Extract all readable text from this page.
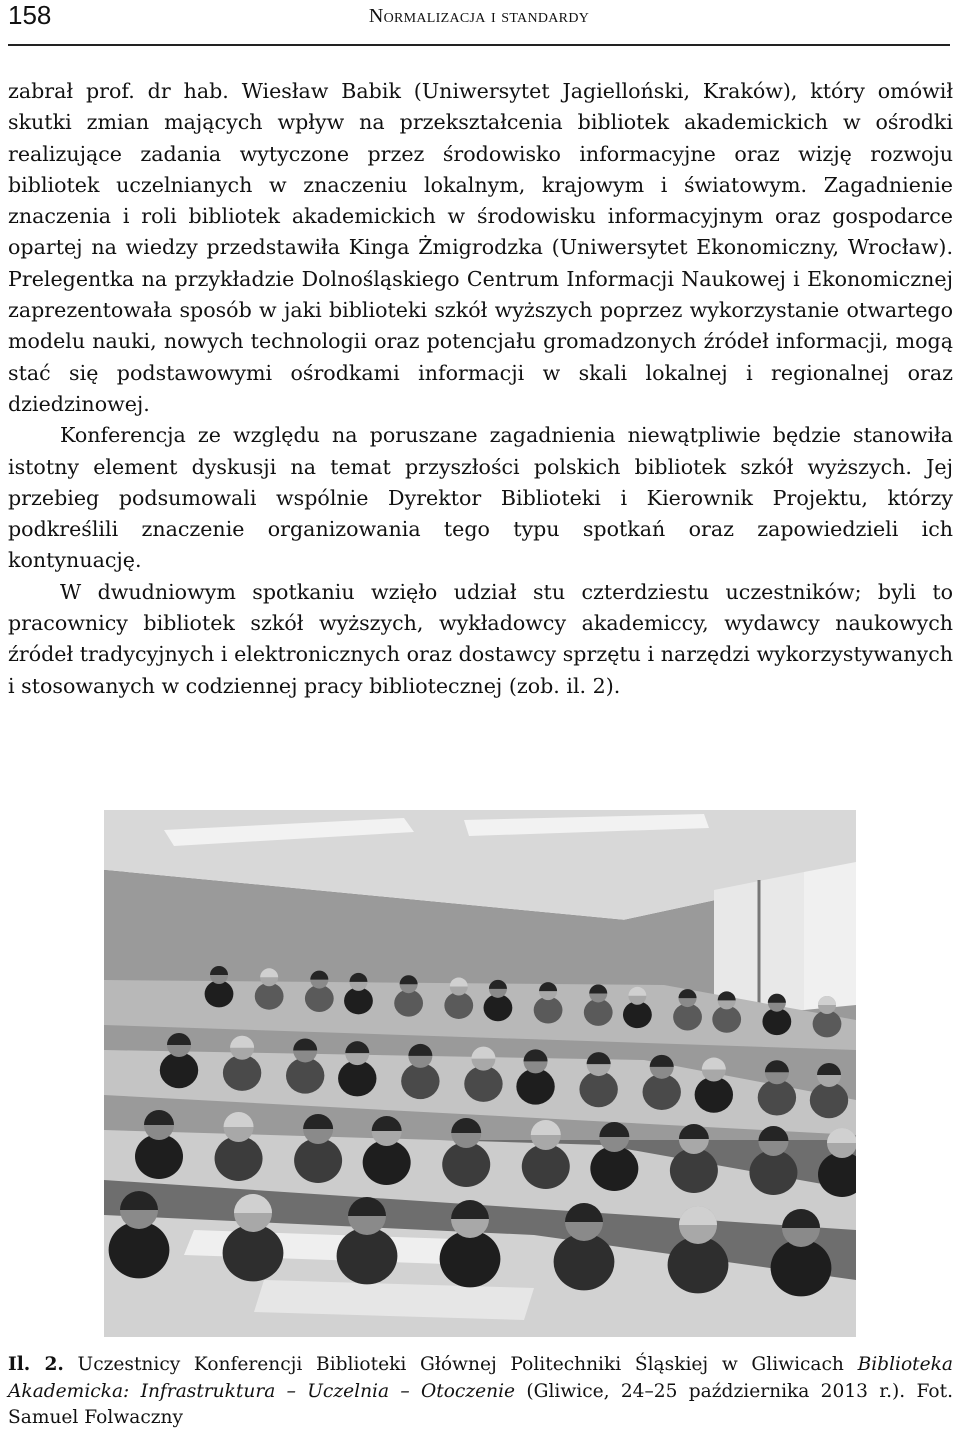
158	Normalizacja i standardy

zabrał prof. dr hab. Wiesław Babik (Uniwersytet Jagielloński, Kraków), który omówił skutki zmian mających wpływ na przekształcenia bibliotek akademickich w ośrodki realizujące zadania wytyczone przez środowisko informacyjne oraz wizję rozwoju bibliotek uczelnianych w znaczeniu lokalnym, krajowym i światowym. Zagadnienie znaczenia i roli bibliotek akademickich w środowisku informacyjnym oraz gospodarce opartej na wiedzy przedstawiła Kinga Żmigrodzka (Uniwersytet Ekonomiczny, Wrocław). Prelegentka na przykładzie Dolnośląskiego Centrum Informacji Naukowej i Ekonomicznej zaprezentowała sposób w jaki biblioteki szkół wyższych poprzez wykorzystanie otwartego modelu nauki, nowych technologii oraz potencjału gromadzonych źródeł informacji, mogą stać się podstawowymi ośrodkami informacji w skali lokalnej i regionalnej oraz dziedzinowej.

Konferencja ze względu na poruszane zagadnienia niewątpliwie będzie stanowiła istotny element dyskusji na temat przyszłości polskich bibliotek szkół wyższych. Jej przebieg podsumowali wspólnie Dyrektor Biblioteki i Kierownik Projektu, którzy podkreślili znaczenie organizowania tego typu spotkań oraz zapowiedzieli ich kontynuację.

W dwudniowym spotkaniu wzięło udział stu czterdziestu uczestników; byli to pracownicy bibliotek szkół wyższych, wykładowcy akademiccy, wydawcy naukowych źródeł tradycyjnych i elektronicznych oraz dostawcy sprzętu i narzędzi wykorzystywanych i stosowanych w codziennej pracy bibliotecznej (zob. il. 2).

Il. 2. Uczestnicy Konferencji Biblioteki Głównej Politechniki Śląskiej w Gliwicach Biblioteka Akademicka: Infrastruktura – Uczelnia – Otoczenie (Gliwice, 24–25 października 2013 r.). Fot. Samuel Folwaczny
